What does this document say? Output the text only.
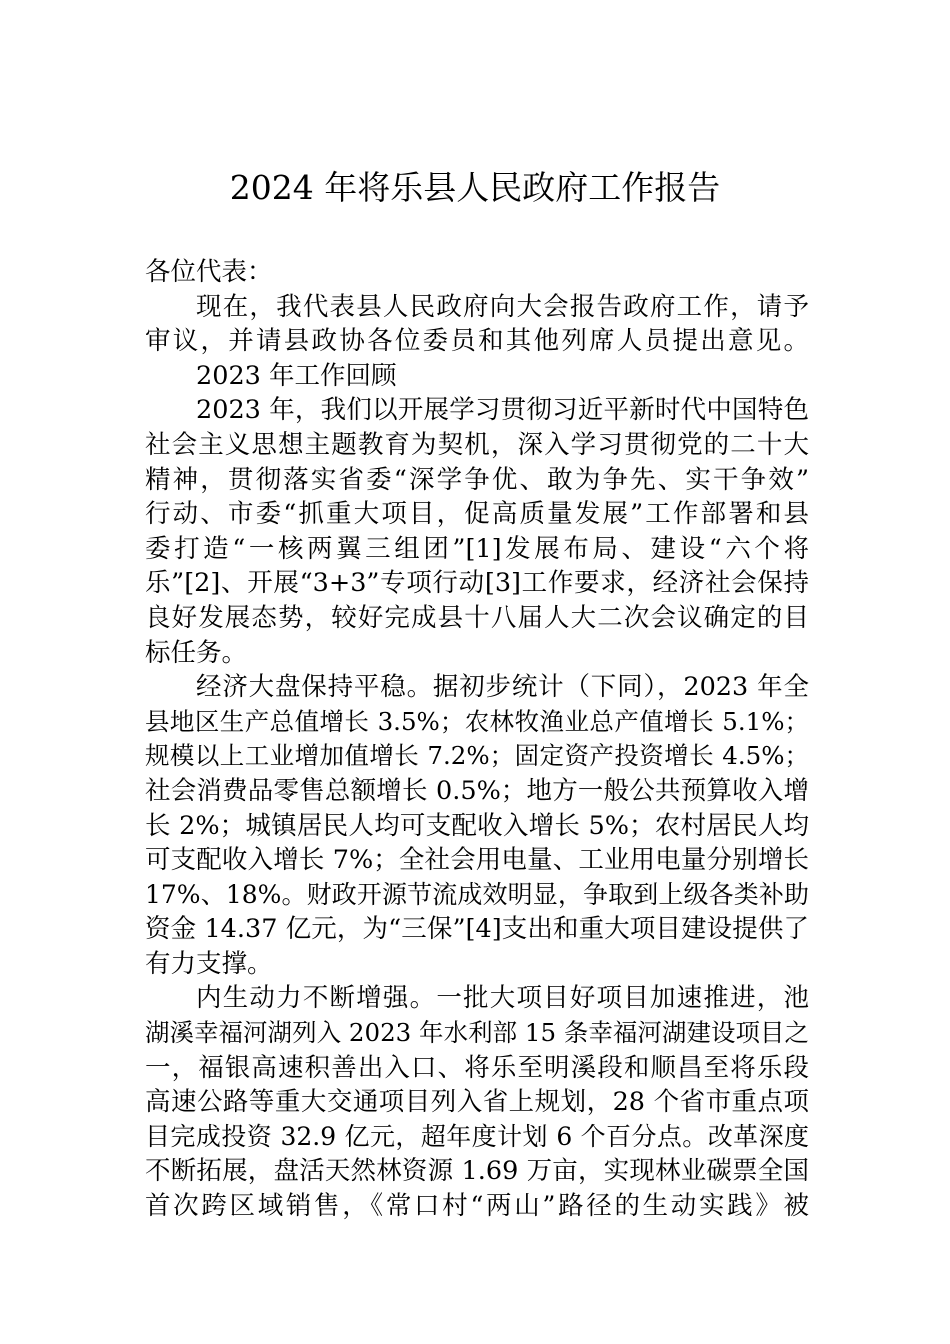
2024 年将乐县人民政府工作报告
各位代表：
现在，我代表县人民政府向大会报告政府工作，请予
审议，并请县政协各位委员和其他列席人员提出意见。
2023 年工作回顾
2023 年，我们以开展学习贯彻习近平新时代中国特色
社会主义思想主题教育为契机，深入学习贯彻党的二十大
精神，贯彻落实省委“深学争优、敢为争先、实干争效”
行动、市委“抓重大项目，促高质量发展”工作部署和县
委打造“一核两翼三组团”[1]发展布局、建设“六个将
乐”[2]、开展“3+3”专项行动[3]工作要求，经济社会保持
良好发展态势，较好完成县十八届人大二次会议确定的目
标任务。
经济大盘保持平稳。据初步统计（下同），2023 年全
县地区生产总值增长 3.5%；农林牧渔业总产值增长 5.1%；
规模以上工业增加值增长 7.2%；固定资产投资增长 4.5%；
社会消费品零售总额增长 0.5%；地方一般公共预算收入增
长 2%；城镇居民人均可支配收入增长 5%；农村居民人均
可支配收入增长 7%；全社会用电量、工业用电量分别增长
17%、18%。财政开源节流成效明显，争取到上级各类补助
资金 14.37 亿元，为“三保”[4]支出和重大项目建设提供了
有力支撑。
内生动力不断增强。一批大项目好项目加速推进，池
湖溪幸福河湖列入 2023 年水利部 15 条幸福河湖建设项目之
一，福银高速积善出入口、将乐至明溪段和顺昌至将乐段
高速公路等重大交通项目列入省上规划，28 个省市重点项
目完成投资 32.9 亿元，超年度计划 6 个百分点。改革深度
不断拓展，盘活天然林资源 1.69 万亩，实现林业碳票全国
首次跨区域销售，《常口村“两山”路径的生动实践》被
